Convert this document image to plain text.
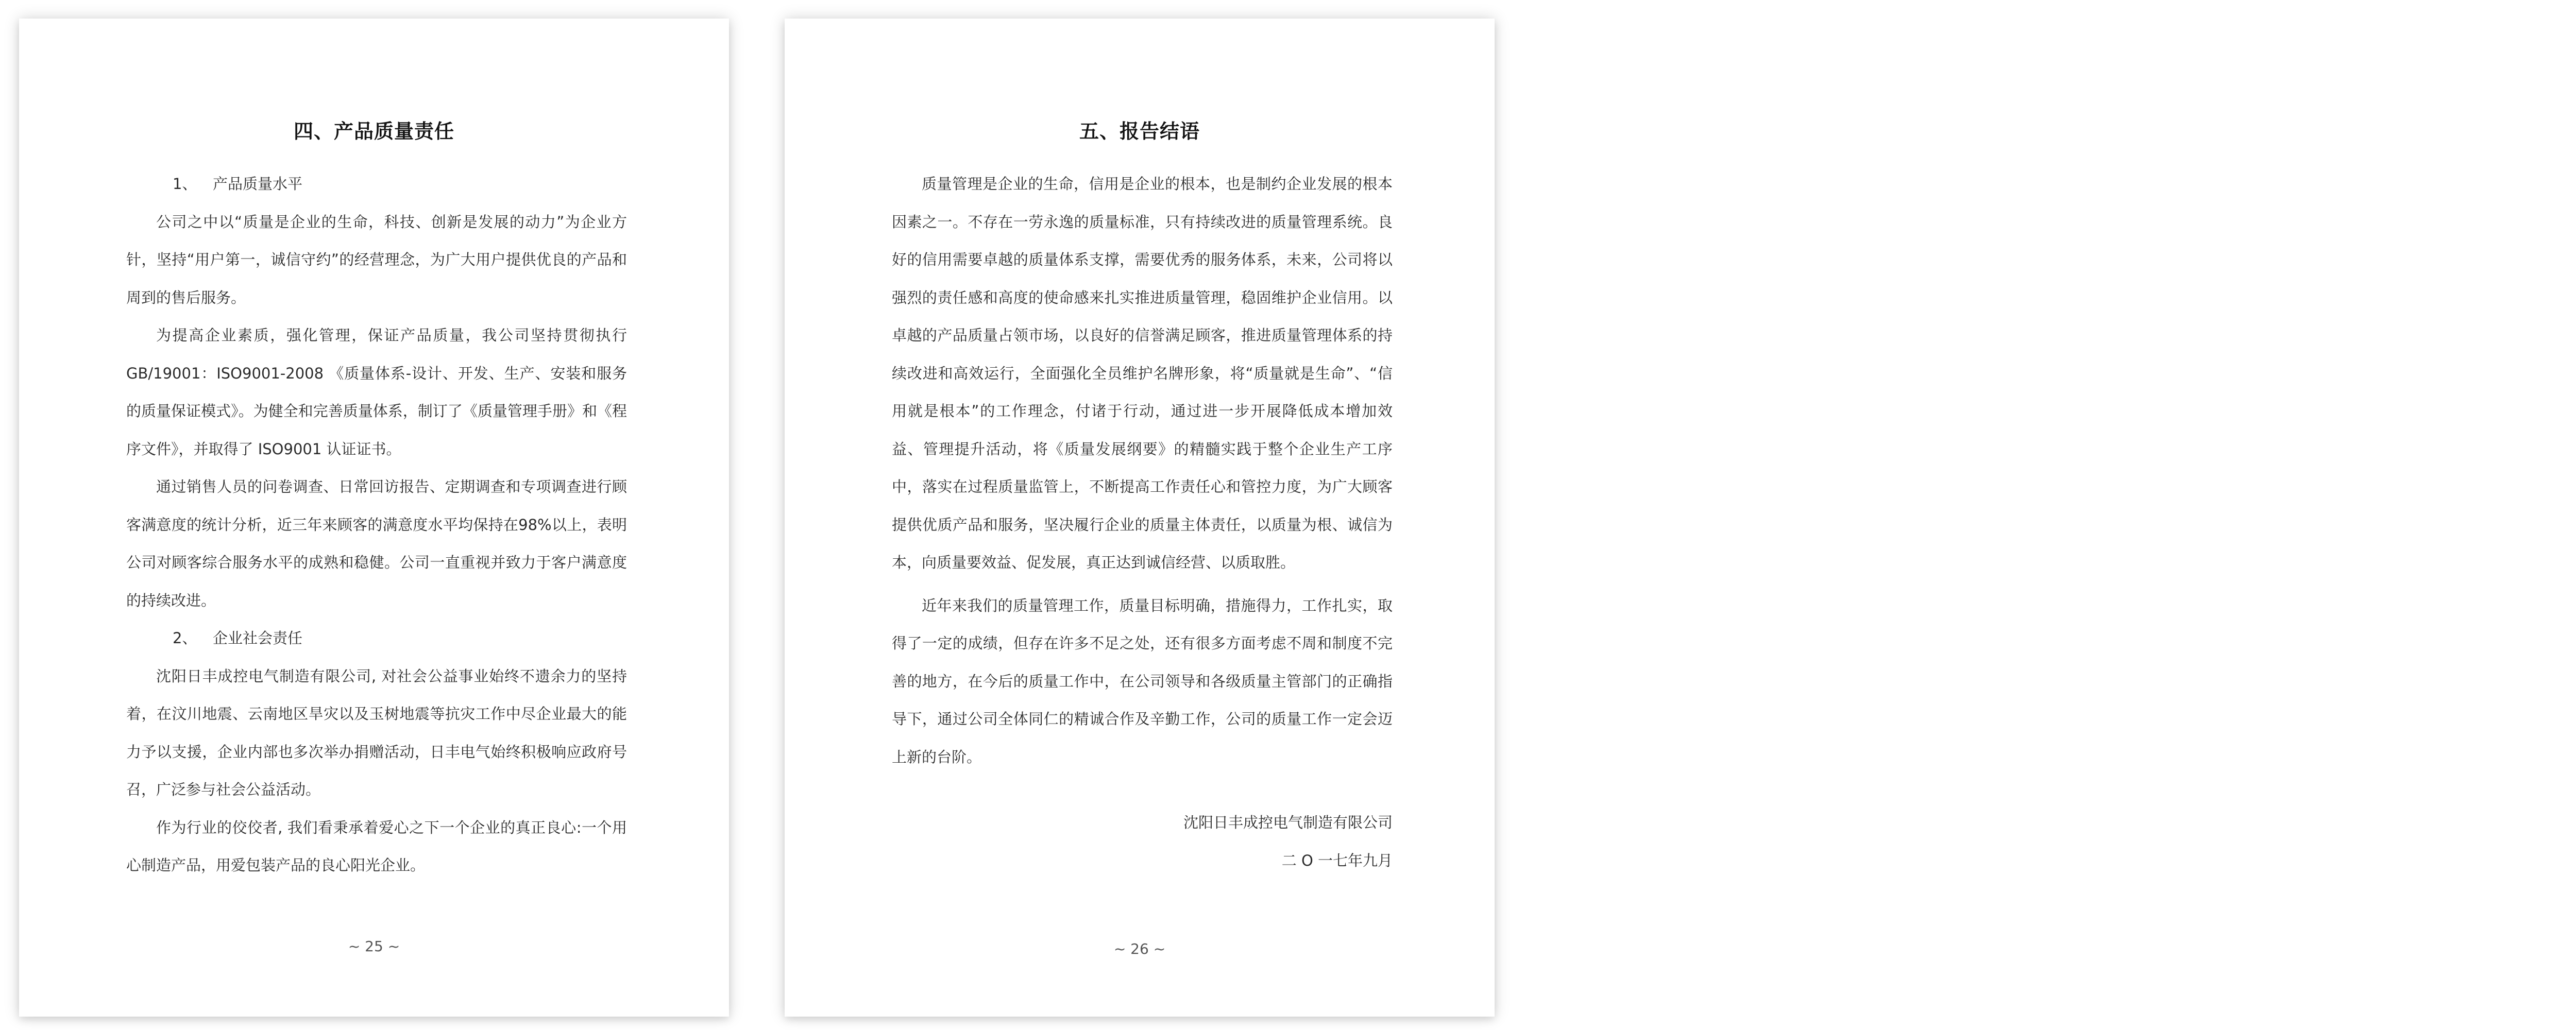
四、产品质量责任
1、 产品质量水平

公司之中以“质量是企业的生命，科技、创新是发展的动力”为企业方针，坚持“用户第一，诚信守约”的经营理念，为广大用户提供优良的产品和周到的售后服务。

为提高企业素质，强化管理，保证产品质量，我公司坚持贯彻执行 GB/19001：ISO9001-2008 《质量体系-设计、开发、生产、安装和服务的质量保证模式》。为健全和完善质量体系，制订了《质量管理手册》和《程序文件》，并取得了 ISO9001 认证证书。

通过销售人员的问卷调查、日常回访报告、定期调查和专项调查进行顾客满意度的统计分析，近三年来顾客的满意度水平均保持在98%以上，表明公司对顾客综合服务水平的成熟和稳健。公司一直重视并致力于客户满意度的持续改进。

2、 企业社会责任

沈阳日丰成控电气制造有限公司, 对社会公益事业始终不遗余力的坚持着，在汶川地震、云南地区旱灾以及玉树地震等抗灾工作中尽企业最大的能力予以支援，企业内部也多次举办捐赠活动，日丰电气始终积极响应政府号召，广泛参与社会公益活动。

作为行业的佼佼者, 我们看秉承着爱心之下一个企业的真正良心:一个用心制造产品，用爱包装产品的良心阳光企业。

~ 25 ~
五、报告结语

质量管理是企业的生命，信用是企业的根本，也是制约企业发展的根本因素之一。不存在一劳永逸的质量标准，只有持续改进的质量管理系统。良好的信用需要卓越的质量体系支撑，需要优秀的服务体系，未来，公司将以强烈的责任感和高度的使命感来扎实推进质量管理，稳固维护企业信用。以卓越的产品质量占领市场，以良好的信誉满足顾客，推进质量管理体系的持续改进和高效运行，全面强化全员维护名牌形象，将“质量就是生命”、“信用就是根本”的工作理念，付诸于行动，通过进一步开展降低成本增加效益、管理提升活动，将《质量发展纲要》的精髓实践于整个企业生产工序中，落实在过程质量监管上，不断提高工作责任心和管控力度，为广大顾客提供优质产品和服务，坚决履行企业的质量主体责任，以质量为根、诚信为本，向质量要效益、促发展，真正达到诚信经营、以质取胜。

近年来我们的质量管理工作，质量目标明确，措施得力，工作扎实，取得了一定的成绩，但存在许多不足之处，还有很多方面考虑不周和制度不完善的地方，在今后的质量工作中，在公司领导和各级质量主管部门的正确指导下，通过公司全体同仁的精诚合作及辛勤工作，公司的质量工作一定会迈上新的台阶。

沈阳日丰成控电气制造有限公司

二 O 一七年九月

~ 26 ~
